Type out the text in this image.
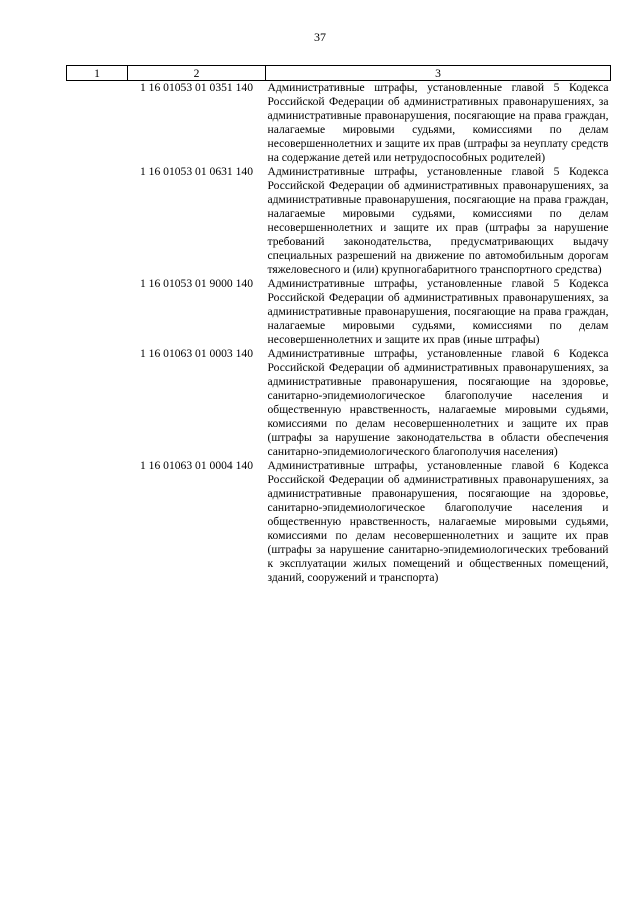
37
1	2	3
	1 16 01053 01 0351 140	Административные штрафы, установленные главой 5 Кодекса Российской Федерации об административных правонарушениях, за административные правонарушения, посягающие на права граждан, налагаемые мировыми судьями, комиссиями по делам несовершеннолетних и защите их прав (штрафы за неуплату средств на содержание детей или нетрудоспособных родителей)
	1 16 01053 01 0631 140	Административные штрафы, установленные главой 5 Кодекса Российской Федерации об административных правонарушениях, за административные правонарушения, посягающие на права граждан, налагаемые мировыми судьями, комиссиями по делам несовершеннолетних и защите их прав (штрафы за нарушение требований законодательства, предусматривающих выдачу специальных разрешений на движение по автомобильным дорогам тяжеловесного и (или) крупногабаритного транспортного средства)
	1 16 01053 01 9000 140	Административные штрафы, установленные главой 5 Кодекса Российской Федерации об административных правонарушениях, за административные правонарушения, посягающие на права граждан, налагаемые мировыми судьями, комиссиями по делам несовершеннолетних и защите их прав (иные штрафы)
	1 16 01063 01 0003 140	Административные штрафы, установленные главой 6 Кодекса Российской Федерации об административных правонарушениях, за административные правонарушения, посягающие на здоровье, санитарно-эпидемиологическое благополучие населения и общественную нравственность, налагаемые мировыми судьями, комиссиями по делам несовершеннолетних и защите их прав (штрафы за нарушение законодательства в области обеспечения санитарно-эпидемиологического благополучия населения)
	1 16 01063 01 0004 140	Административные штрафы, установленные главой 6 Кодекса Российской Федерации об административных правонарушениях, за административные правонарушения, посягающие на здоровье, санитарно-эпидемиологическое благополучие населения и общественную нравственность, налагаемые мировыми судьями, комиссиями по делам несовершеннолетних и защите их прав (штрафы за нарушение санитарно-эпидемиологических требований к эксплуатации жилых помещений и общественных помещений, зданий, сооружений и транспорта)
